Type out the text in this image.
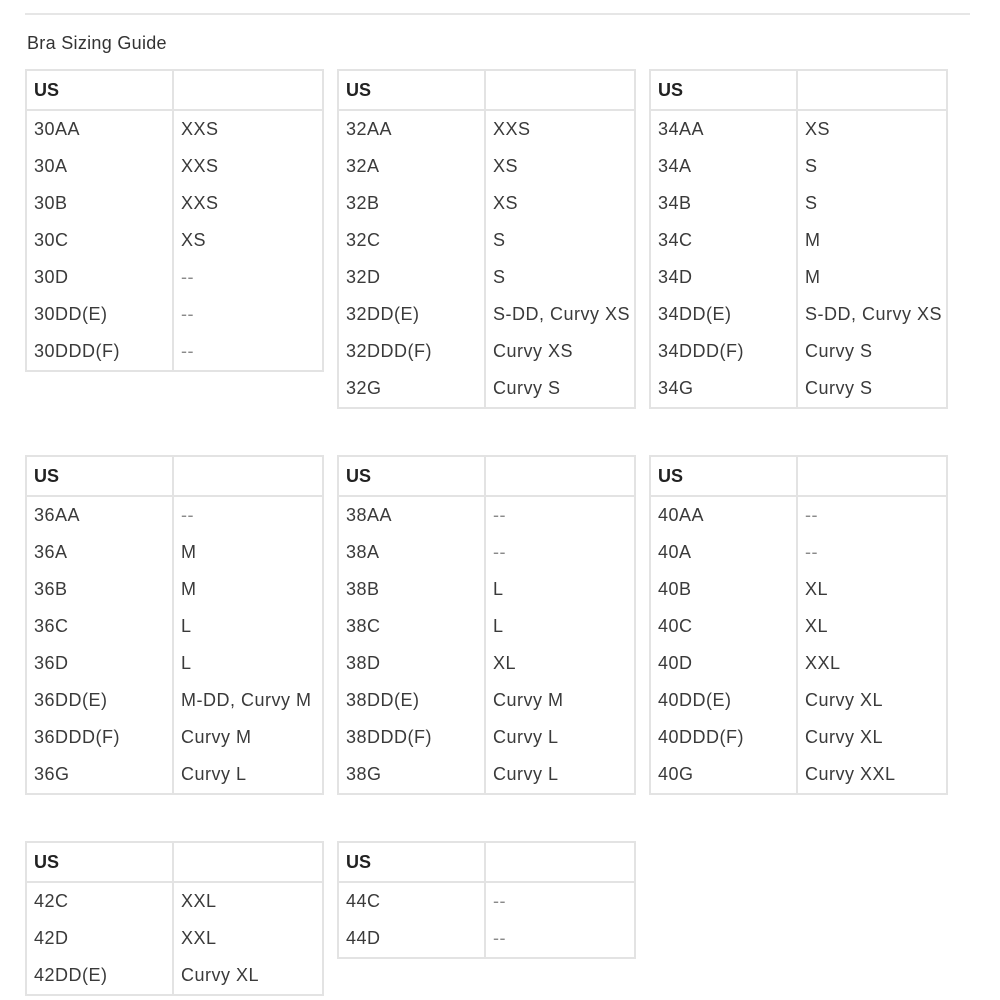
Bra Sizing Guide
US	
30AA	XXS
30A	XXS
30B	XXS
30C	XS
30D	--
30DD(E)	--
30DDD(F)	--
US	
32AA	XXS
32A	XS
32B	XS
32C	S
32D	S
32DD(E)	S-DD, Curvy XS
32DDD(F)	Curvy XS
32G	Curvy S
US	
34AA	XS
34A	S
34B	S
34C	M
34D	M
34DD(E)	S-DD, Curvy XS
34DDD(F)	Curvy S
34G	Curvy S
US	
36AA	--
36A	M
36B	M
36C	L
36D	L
36DD(E)	M-DD, Curvy M
36DDD(F)	Curvy M
36G	Curvy L
US	
38AA	--
38A	--
38B	L
38C	L
38D	XL
38DD(E)	Curvy M
38DDD(F)	Curvy L
38G	Curvy L
US	
40AA	--
40A	--
40B	XL
40C	XL
40D	XXL
40DD(E)	Curvy XL
40DDD(F)	Curvy XL
40G	Curvy XXL
US	
42C	XXL
42D	XXL
42DD(E)	Curvy XL
US	
44C	--
44D	--
